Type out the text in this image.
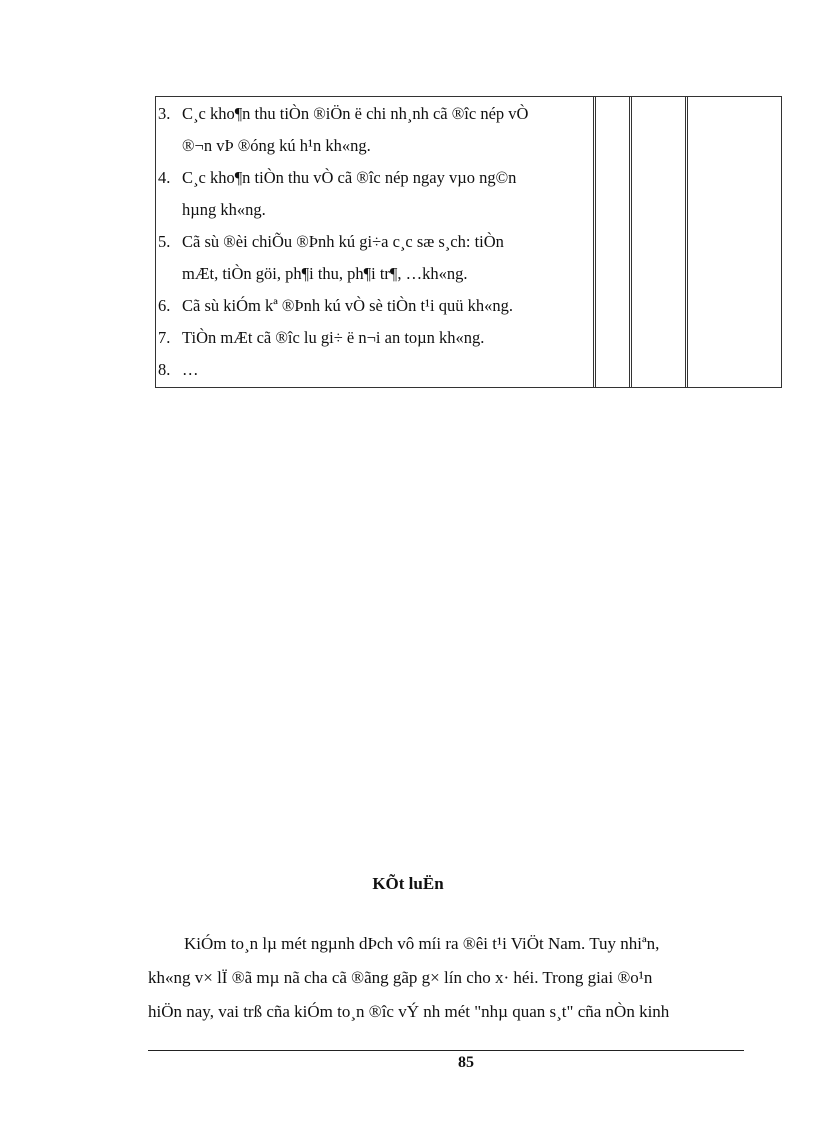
3. C¸c kho¶n thu tiÒn ®iÖn ë chi nh¸nh cã ®îc nép vÒ
®¬n vÞ ®óng kú h¹n kh«ng.
4. C¸c kho¶n tiÒn thu vÒ cã ®îc nép ngay vµo ng©n
hµng kh«ng.
5. Cã sù ®èi chiÕu ®Þnh kú gi÷a c¸c sæ s¸ch: tiÒn
mÆt, tiÒn göi, ph¶i thu, ph¶i tr¶, …kh«ng.
6. Cã sù kiÓm kª ®Þnh kú vÒ sè tiÒn t¹i quü kh«ng.
7. TiÒn mÆt cã ®îc lu gi÷ ë n¬i an toµn kh«ng.
8. …
KÕt luËn
KiÓm to¸n lµ mét ngµnh dÞch vô míi ra ®êi t¹i ViÖt Nam. Tuy nhiªn,
kh«ng v× lÏ ®ã mµ nã cha cã ®ãng gãp g× lín cho x· héi. Trong giai ®o¹n
hiÖn nay, vai trß cña kiÓm to¸n ®îc vÝ nh mét "nhµ quan s¸t" cña nÒn kinh
85
